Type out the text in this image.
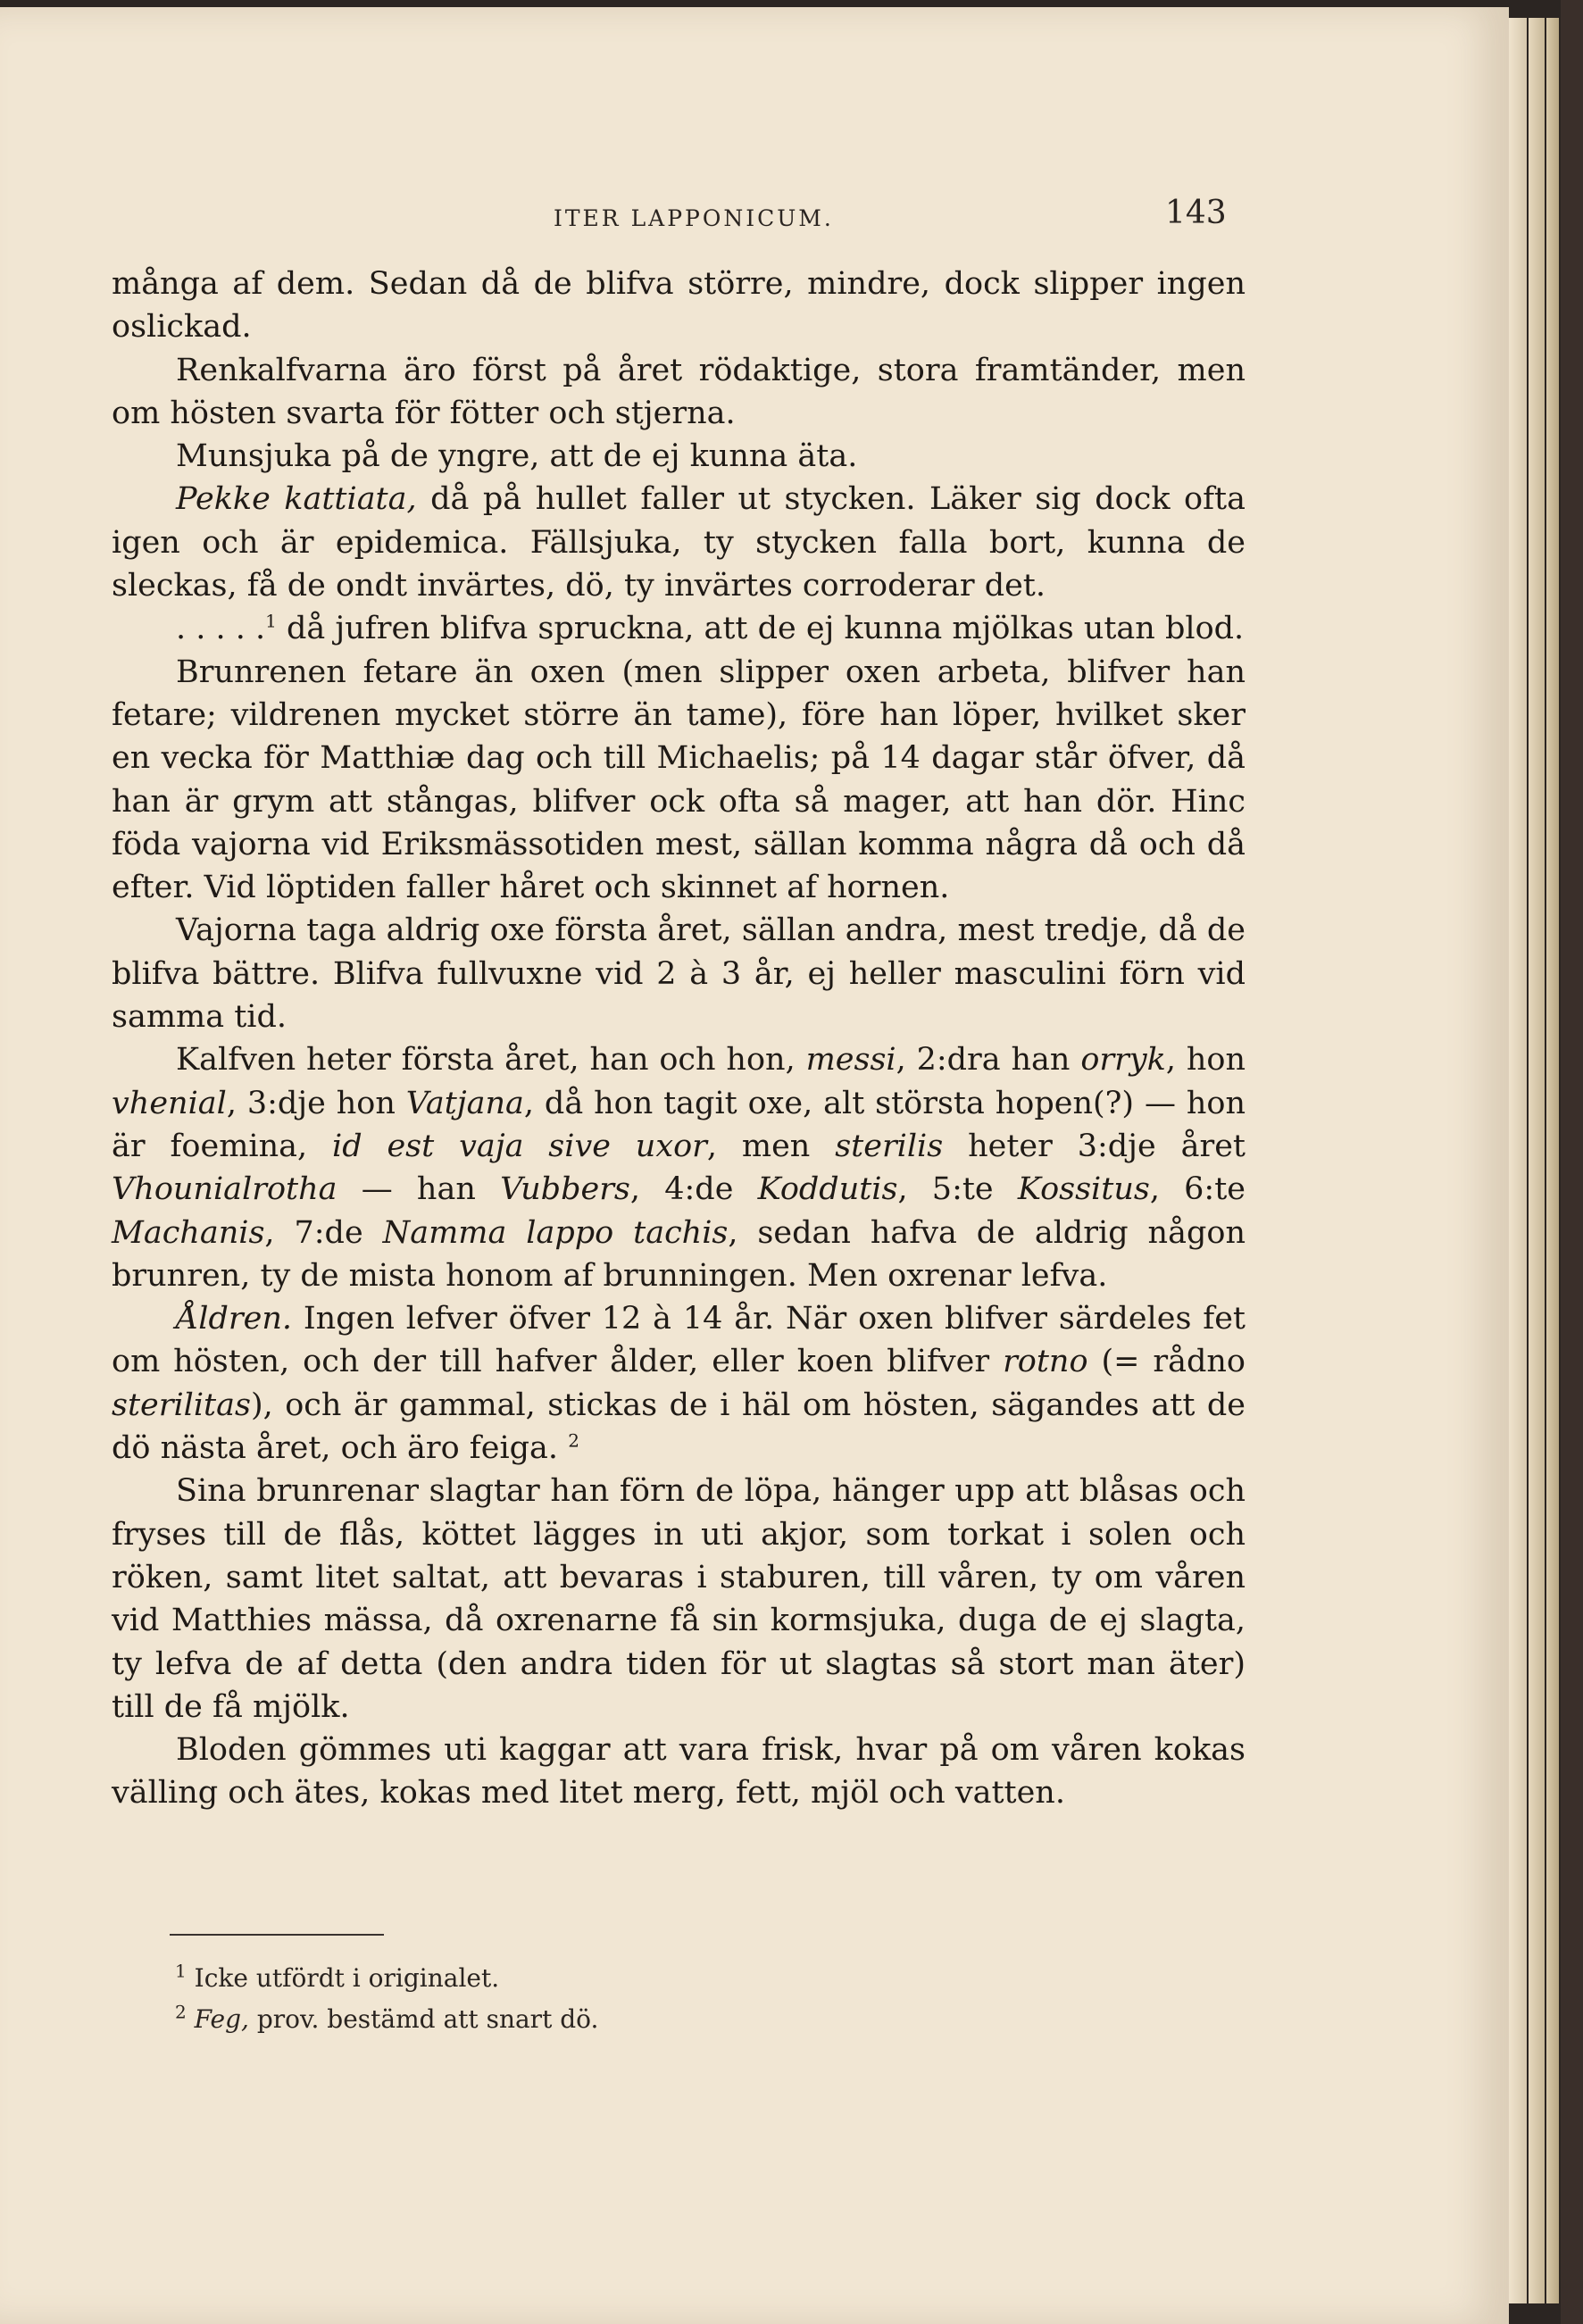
ITER LAPPONICUM.	143

många af dem. Sedan då de blifva större, mindre, dock slipper ingen oslickad.

Renkalfvarna äro först på året rödaktige, stora framtänder, men om hösten svarta för fötter och stjerna.

Munsjuka på de yngre, att de ej kunna äta.

Pekke kattiata, då på hullet faller ut stycken. Läker sig dock ofta igen och är epidemica. Fällsjuka, ty stycken falla bort, kunna de sleckas, få de ondt invärtes, dö, ty invärtes corroderar det.

. . . . .$^1$ då jufren blifva spruckna, att de ej kunna mjölkas utan blod.

Brunrenen fetare än oxen (men slipper oxen arbeta, blifver han fetare; vildrenen mycket större än tame), före han löper, hvilket sker en vecka för Matthiæ dag och till Michaelis; på 14 dagar står öfver, då han är grym att stångas, blifver ock ofta så mager, att han dör. Hinc föda vajorna vid Eriksmässotiden mest, sällan komma några då och då efter. Vid löptiden faller håret och skinnet af hornen.

Vajorna taga aldrig oxe första året, sällan andra, mest tredje, då de blifva bättre. Blifva fullvuxne vid 2 à 3 år, ej heller masculini förn vid samma tid.

Kalfven heter första året, han och hon, messi, 2:dra han orryk, hon vhenial, 3:dje hon Vatjana, då hon tagit oxe, alt största hopen(?) — hon är foemina, id est vaja sive uxor, men sterilis heter 3:dje året Vhounialrotha — han Vubbers, 4:de Koddutis, 5:te Kossitus, 6:te Machanis, 7:de Namma lappo tachis, sedan hafva de aldrig någon brunren, ty de mista honom af brunningen. Men oxrenar lefva.

Åldren. Ingen lefver öfver 12 à 14 år. När oxen blifver särdeles fet om hösten, och der till hafver ålder, eller koen blifver rotno (= rådno sterilitas), och är gammal, stickas de i häl om hösten, sägandes att de dö nästa året, och äro feiga. $^2$

Sina brunrenar slagtar han förn de löpa, hänger upp att blåsas och fryses till de flås, köttet lägges in uti akjor, som torkat i solen och röken, samt litet saltat, att bevaras i staburen, till våren, ty om våren vid Matthies mässa, då oxrenarne få sin kormsjuka, duga de ej slagta, ty lefva de af detta (den andra tiden för ut slagtas så stort man äter) till de få mjölk.

Bloden gömmes uti kaggar att vara frisk, hvar på om våren kokas välling och ätes, kokas med litet merg, fett, mjöl och vatten.

$^1$ Icke utfördt i originalet.
$^2$ Feg, prov. bestämd att snart dö.
